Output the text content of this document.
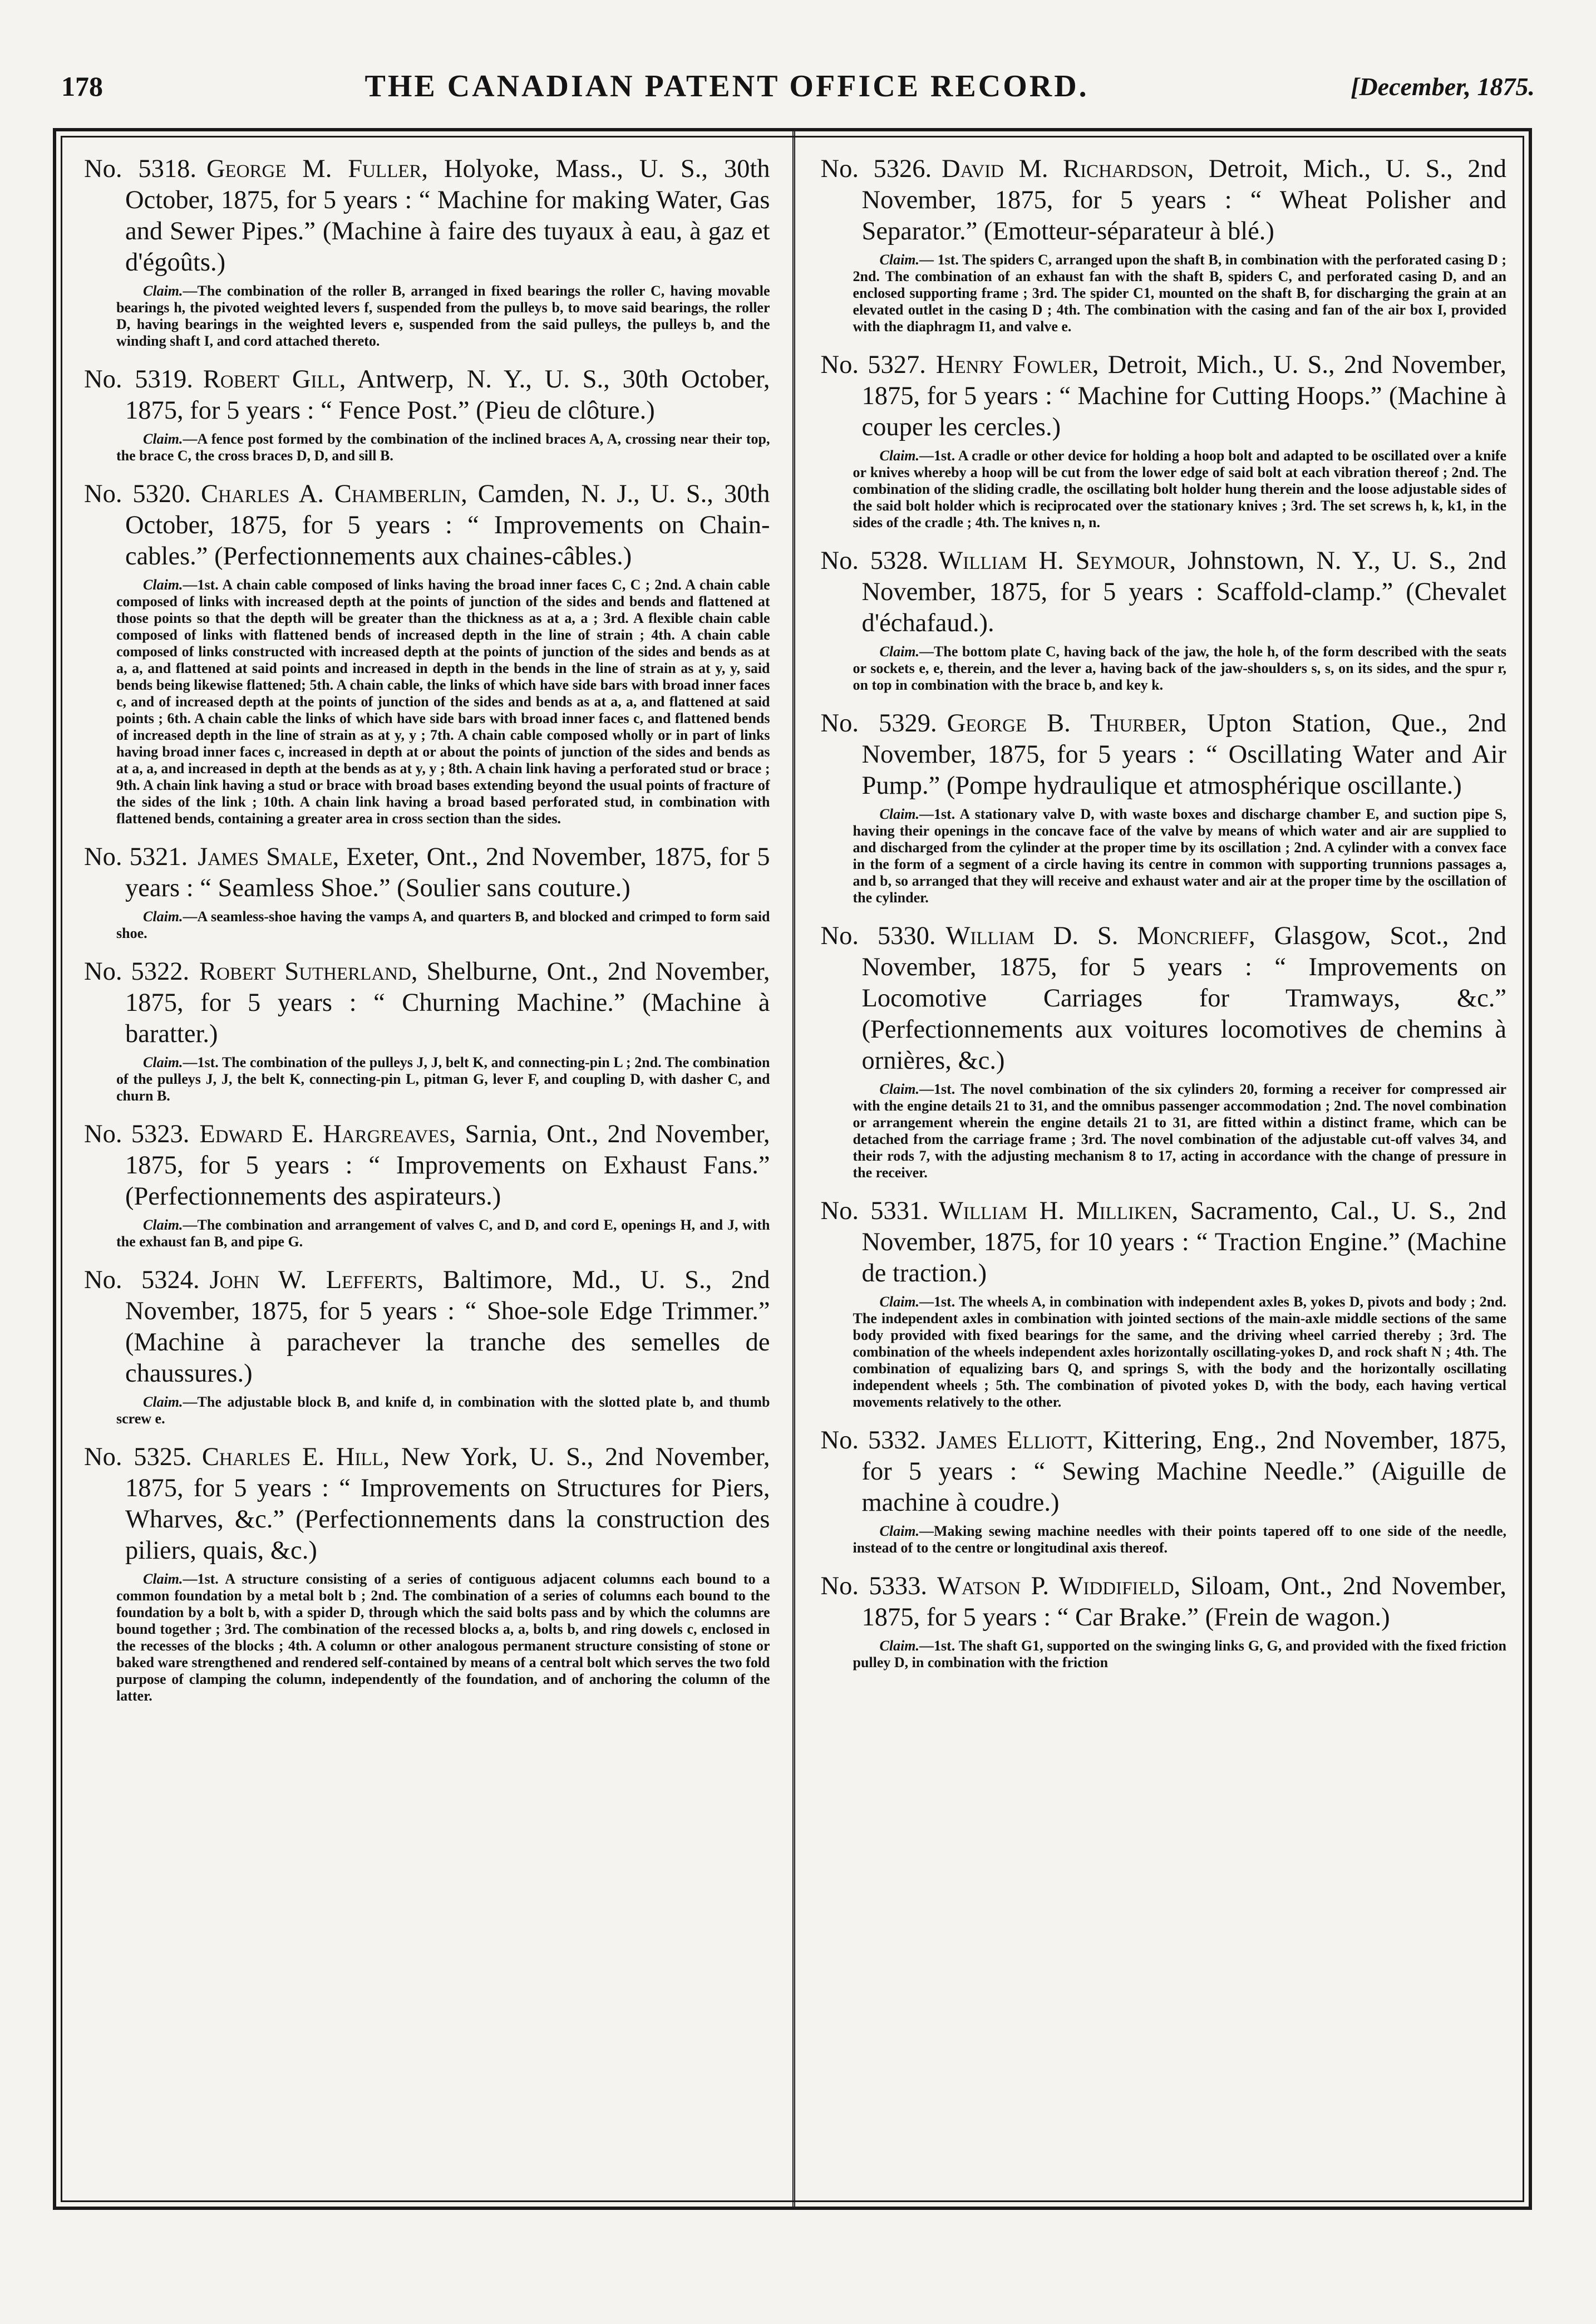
178	THE CANADIAN PATENT OFFICE RECORD.	[December, 1875.

No. 5318. George M. Fuller, Holyoke, Mass., U. S., 30th October, 1875, for 5 years : “ Machine for making Water, Gas and Sewer Pipes.” (Machine à faire des tuyaux à eau, à gaz et d'égoûts.)

Claim.—The combination of the roller B, arranged in fixed bearings the roller C, having movable bearings h, the pivoted weighted levers f, suspended from the pulleys b, to move said bearings, the roller D, having bearings in the weighted levers e, suspended from the said pulleys, the pulleys b, and the winding shaft I, and cord attached thereto.

No. 5319. Robert Gill, Antwerp, N. Y., U. S., 30th October, 1875, for 5 years : “ Fence Post.” (Pieu de clôture.)

Claim.—A fence post formed by the combination of the inclined braces A, A, crossing near their top, the brace C, the cross braces D, D, and sill B.

No. 5320. Charles A. Chamberlin, Camden, N. J., U. S., 30th October, 1875, for 5 years : “ Improvements on Chain-cables.” (Perfectionnements aux chaines-câbles.)

Claim.—1st. A chain cable composed of links having the broad inner faces C, C ; 2nd. A chain cable composed of links with increased depth at the points of junction of the sides and bends and flattened at those points so that the depth will be greater than the thickness as at a, a ; 3rd. A flexible chain cable composed of links with flattened bends of increased depth in the line of strain ; 4th. A chain cable composed of links constructed with increased depth at the points of junction of the sides and bends as at a, a, and flattened at said points and increased in depth in the bends in the line of strain as at y, y, said bends being likewise flattened; 5th. A chain cable, the links of which have side bars with broad inner faces c, and of increased depth at the points of junction of the sides and bends as at a, a, and flattened at said points ; 6th. A chain cable the links of which have side bars with broad inner faces c, and flattened bends of increased depth in the line of strain as at y, y ; 7th. A chain cable composed wholly or in part of links having broad inner faces c, increased in depth at or about the points of junction of the sides and bends as at a, a, and increased in depth at the bends as at y, y ; 8th. A chain link having a perforated stud or brace ; 9th. A chain link having a stud or brace with broad bases extending beyond the usual points of fracture of the sides of the link ; 10th. A chain link having a broad based perforated stud, in combination with flattened bends, containing a greater area in cross section than the sides.

No. 5321. James Smale, Exeter, Ont., 2nd November, 1875, for 5 years : “ Seamless Shoe.” (Soulier sans couture.)

Claim.—A seamless-shoe having the vamps A, and quarters B, and blocked and crimped to form said shoe.

No. 5322. Robert Sutherland, Shelburne, Ont., 2nd November, 1875, for 5 years : “ Churning Machine.” (Machine à baratter.)

Claim.—1st. The combination of the pulleys J, J, belt K, and connecting-pin L ; 2nd. The combination of the pulleys J, J, the belt K, connecting-pin L, pitman G, lever F, and coupling D, with dasher C, and churn B.

No. 5323. Edward E. Hargreaves, Sarnia, Ont., 2nd November, 1875, for 5 years : “ Improvements on Exhaust Fans.” (Perfectionnements des aspirateurs.)

Claim.—The combination and arrangement of valves C, and D, and cord E, openings H, and J, with the exhaust fan B, and pipe G.

No. 5324. John W. Lefferts, Baltimore, Md., U. S., 2nd November, 1875, for 5 years : “ Shoe-sole Edge Trimmer.” (Machine à parachever la tranche des semelles de chaussures.)

Claim.—The adjustable block B, and knife d, in combination with the slotted plate b, and thumb screw e.

No. 5325. Charles E. Hill, New York, U. S., 2nd November, 1875, for 5 years : “ Improvements on Structures for Piers, Wharves, &c.” (Perfectionnements dans la construction des piliers, quais, &c.)

Claim.—1st. A structure consisting of a series of contiguous adjacent columns each bound to a common foundation by a metal bolt b ; 2nd. The combination of a series of columns each bound to the foundation by a bolt b, with a spider D, through which the said bolts pass and by which the columns are bound together ; 3rd. The combination of the recessed blocks a, a, bolts b, and ring dowels c, enclosed in the recesses of the blocks ; 4th. A column or other analogous permanent structure consisting of stone or baked ware strengthened and rendered self-contained by means of a central bolt which serves the two fold purpose of clamping the column, independently of the foundation, and of anchoring the column of the latter.

No. 5326. David M. Richardson, Detroit, Mich., U. S., 2nd November, 1875, for 5 years : “ Wheat Polisher and Separator.” (Emotteur-séparateur à blé.)

Claim.— 1st. The spiders C, arranged upon the shaft B, in combination with the perforated casing D ; 2nd. The combination of an exhaust fan with the shaft B, spiders C, and perforated casing D, and an enclosed supporting frame ; 3rd. The spider C1, mounted on the shaft B, for discharging the grain at an elevated outlet in the casing D ; 4th. The combination with the casing and fan of the air box I, provided with the diaphragm I1, and valve e.

No. 5327. Henry Fowler, Detroit, Mich., U. S., 2nd November, 1875, for 5 years : “ Machine for Cutting Hoops.” (Machine à couper les cercles.)

Claim.—1st. A cradle or other device for holding a hoop bolt and adapted to be oscillated over a knife or knives whereby a hoop will be cut from the lower edge of said bolt at each vibration thereof ; 2nd. The combination of the sliding cradle, the oscillating bolt holder hung therein and the loose adjustable sides of the said bolt holder which is reciprocated over the stationary knives ; 3rd. The set screws h, k, k1, in the sides of the cradle ; 4th. The knives n, n.

No. 5328. William H. Seymour, Johnstown, N. Y., U. S., 2nd November, 1875, for 5 years : Scaffold-clamp.” (Chevalet d'échafaud.).

Claim.—The bottom plate C, having back of the jaw, the hole h, of the form described with the seats or sockets e, e, therein, and the lever a, having back of the jaw-shoulders s, s, on its sides, and the spur r, on top in combination with the brace b, and key k.

No. 5329. George B. Thurber, Upton Station, Que., 2nd November, 1875, for 5 years : “ Oscillating Water and Air Pump.” (Pompe hydraulique et atmosphérique oscillante.)

Claim.—1st. A stationary valve D, with waste boxes and discharge chamber E, and suction pipe S, having their openings in the concave face of the valve by means of which water and air are supplied to and discharged from the cylinder at the proper time by its oscillation ; 2nd. A cylinder with a convex face in the form of a segment of a circle having its centre in common with supporting trunnions passages a, and b, so arranged that they will receive and exhaust water and air at the proper time by the oscillation of the cylinder.

No. 5330. William D. S. Moncrieff, Glasgow, Scot., 2nd November, 1875, for 5 years : “ Improvements on Locomotive Carriages for Tramways, &c.” (Perfectionnements aux voitures locomotives de chemins à ornières, &c.)

Claim.—1st. The novel combination of the six cylinders 20, forming a receiver for compressed air with the engine details 21 to 31, and the omnibus passenger accommodation ; 2nd. The novel combination or arrangement wherein the engine details 21 to 31, are fitted within a distinct frame, which can be detached from the carriage frame ; 3rd. The novel combination of the adjustable cut-off valves 34, and their rods 7, with the adjusting mechanism 8 to 17, acting in accordance with the change of pressure in the receiver.

No. 5331. William H. Milliken, Sacramento, Cal., U. S., 2nd November, 1875, for 10 years : “ Traction Engine.” (Machine de traction.)

Claim.—1st. The wheels A, in combination with independent axles B, yokes D, pivots and body ; 2nd. The independent axles in combination with jointed sections of the main-axle middle sections of the same body provided with fixed bearings for the same, and the driving wheel carried thereby ; 3rd. The combination of the wheels independent axles horizontally oscillating-yokes D, and rock shaft N ; 4th. The combination of equalizing bars Q, and springs S, with the body and the horizontally oscillating independent wheels ; 5th. The combination of pivoted yokes D, with the body, each having vertical movements relatively to the other.

No. 5332. James Elliott, Kittering, Eng., 2nd November, 1875, for 5 years : “ Sewing Machine Needle.” (Aiguille de machine à coudre.)

Claim.—Making sewing machine needles with their points tapered off to one side of the needle, instead of to the centre or longitudinal axis thereof.

No. 5333. Watson P. Widdifield, Siloam, Ont., 2nd November, 1875, for 5 years : “ Car Brake.” (Frein de wagon.)

Claim.—1st. The shaft G1, supported on the swinging links G, G, and provided with the fixed friction pulley D, in combination with the friction
